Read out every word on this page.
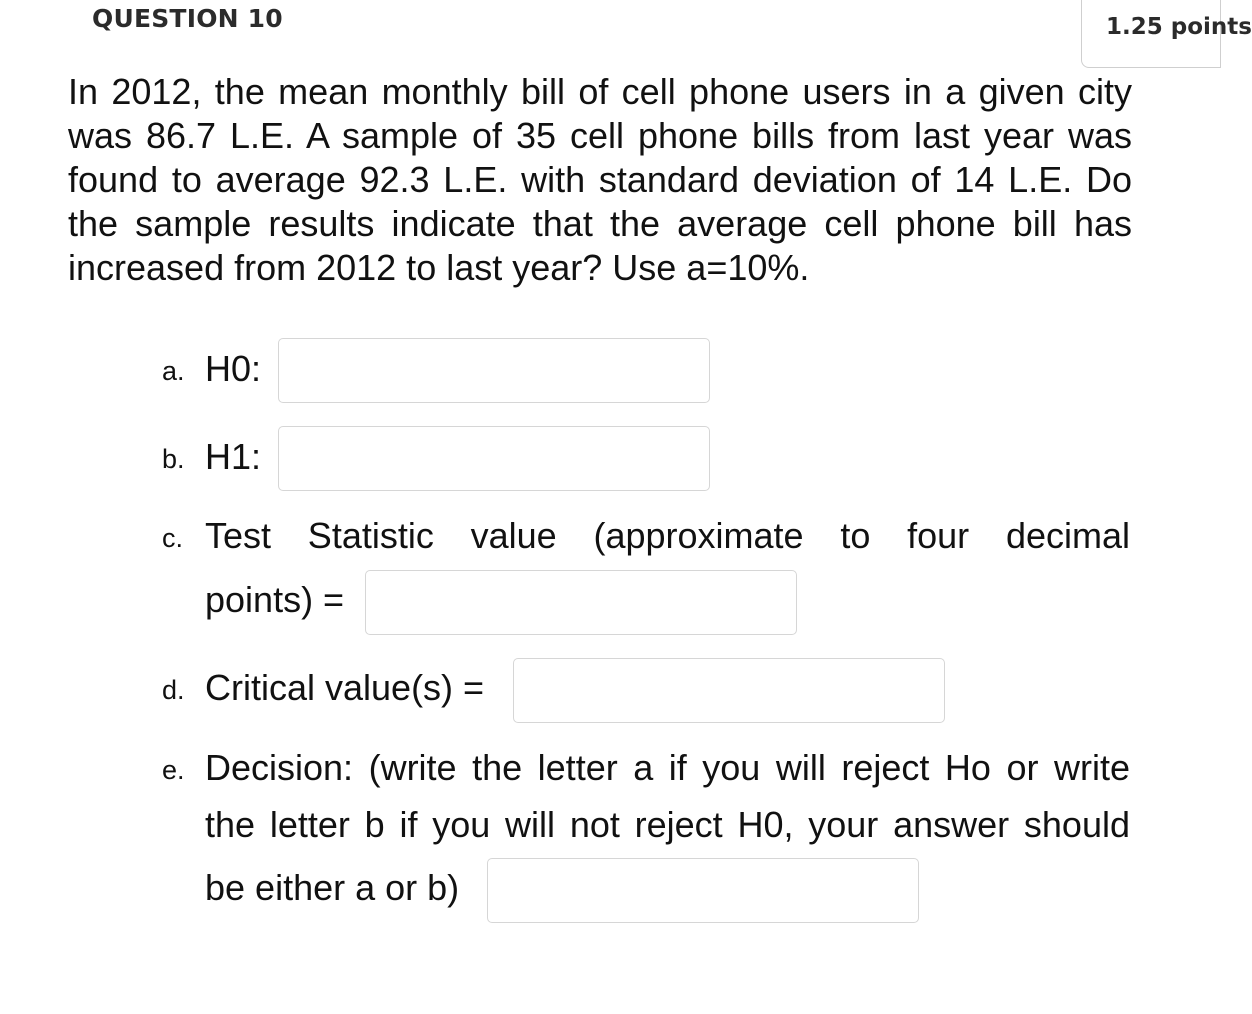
QUESTION 10	1.25 points

In 2012, the mean monthly bill of cell phone users in a given city was 86.7 L.E. A sample of 35 cell phone bills from last year was found to average 92.3 L.E. with standard deviation of 14 L.E. Do the sample results indicate that the average cell phone bill has increased from 2012 to last year? Use a=10%.

a. H0:
b. H1:
c. Test Statistic value (approximate to four decimal
points) =
d. Critical value(s) =
e. Decision: (write the letter a if you will reject Ho or write
the letter b if you will not reject H0, your answer should
be either a or b)
